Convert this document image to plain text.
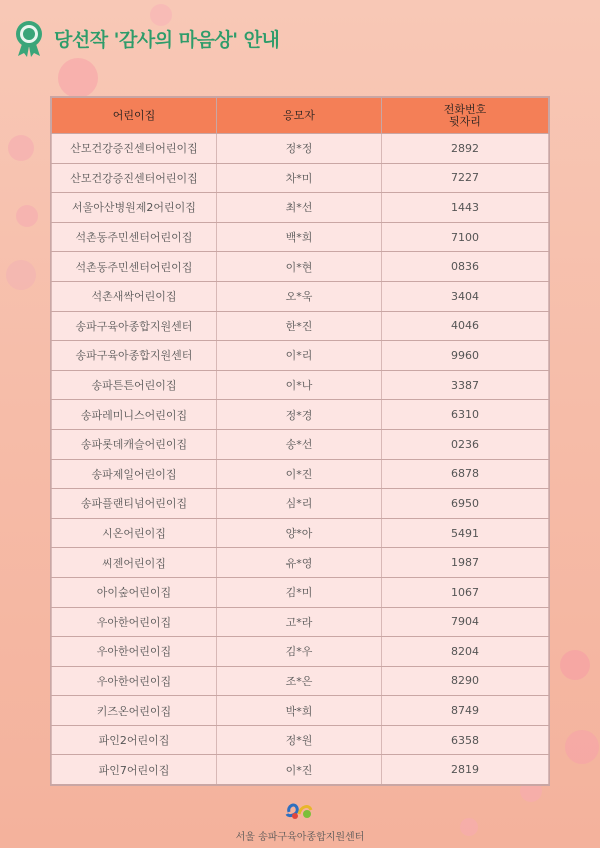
당선작 '감사의 마음상' 안내
어린이집	응모자	전화번호
뒷자리
산모건강증진센터어린이집	정*정	2892
산모건강증진센터어린이집	차*미	7227
서울아산병원제2어린이집	최*선	1443
석촌동주민센터어린이집	백*희	7100
석촌동주민센터어린이집	이*현	0836
석촌새싹어린이집	오*욱	3404
송파구육아종합지원센터	한*진	4046
송파구육아종합지원센터	이*리	9960
송파튼튼어린이집	이*나	3387
송파레미니스어린이집	정*경	6310
송파롯데캐슬어린이집	송*선	0236
송파제일어린이집	이*진	6878
송파플랜티넘어린이집	심*리	6950
시온어린이집	양*아	5491
씨젠어린이집	유*영	1987
아이숲어린이집	김*미	1067
우아한어린이집	고*라	7904
우아한어린이집	김*우	8204
우아한어린이집	조*은	8290
키즈온어린이집	박*희	8749
파인2어린이집	정*원	6358
파인7어린이집	이*진	2819
서울 송파구육아종합지원센터
